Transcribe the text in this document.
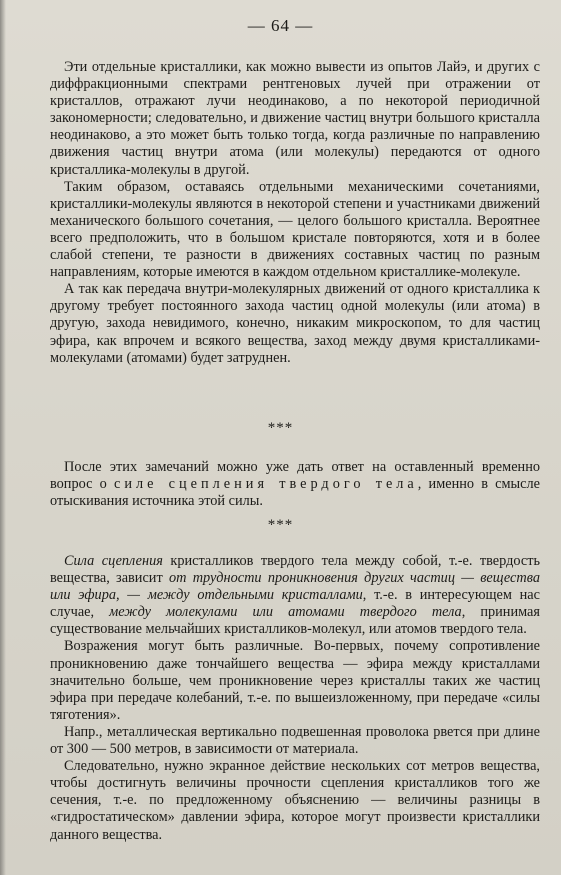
— 64 —

Эти отдельные кристаллики, как можно вывести из опытов Лайэ, и других с диффракционными спектрами рентгеновых лучей при отражении от кристаллов, отражают лучи неодинаково, а по некоторой периодичной закономерности; следовательно, и движение частиц внутри большого кристалла неодинаково, а это может быть только тогда, когда различные по направлению движения частиц внутри атома (или молекулы) передаются от одного кристаллика-молекулы в другой.

Таким образом, оставаясь отдельными механическими сочетаниями, кристаллики-молекулы являются в некоторой степени и участниками движений механического большого сочетания, — целого большого кристалла. Вероятнее всего предположить, что в большом кристале повторяются, хотя и в более слабой степени, те разности в движениях составных частиц по разным направлениям, которые имеются в каждом отдельном кристаллике-молекуле.

А так как передача внутри-молекулярных движений от одного кристаллика к другому требует постоянного захода частиц одной молекулы (или атома) в другую, захода невидимого, конечно, никаким микроскопом, то для частиц эфира, как впрочем и всякого вещества, заход между двумя кристалликами-молекулами (атомами) будет затруднен.

***

После этих замечаний можно уже дать ответ на оставленный временно вопрос о силе сцепления твердого тела, именно в смысле отыскивания источника этой силы.

***

Сила сцепления кристалликов твердого тела между собой, т.-е. твердость вещества, зависит от трудности проникновения других частиц — вещества или эфира, — между отдельными кристаллами, т.-е. в интересующем нас случае, между молекулами или атомами твердого тела, принимая существование мельчайших кристалликов-молекул, или атомов твердого тела.

Возражения могут быть различные. Во-первых, почему сопротивление проникновению даже тончайшего вещества — эфира между кристаллами значительно больше, чем проникновение через кристаллы таких же частиц эфира при передаче колебаний, т.-е. по вышеизложенному, при передаче «силы тяготения».

Напр., металлическая вертикально подвешенная проволока рвется при длине от 300 — 500 метров, в зависимости от материала.

Следовательно, нужно экранное действие нескольких сот метров вещества, чтобы достигнуть величины прочности сцепления кристалликов того же сечения, т.-е. по предложенному объяснению — величины разницы в «гидростатическом» давлении эфира, которое могут произвести кристаллики данного вещества.
